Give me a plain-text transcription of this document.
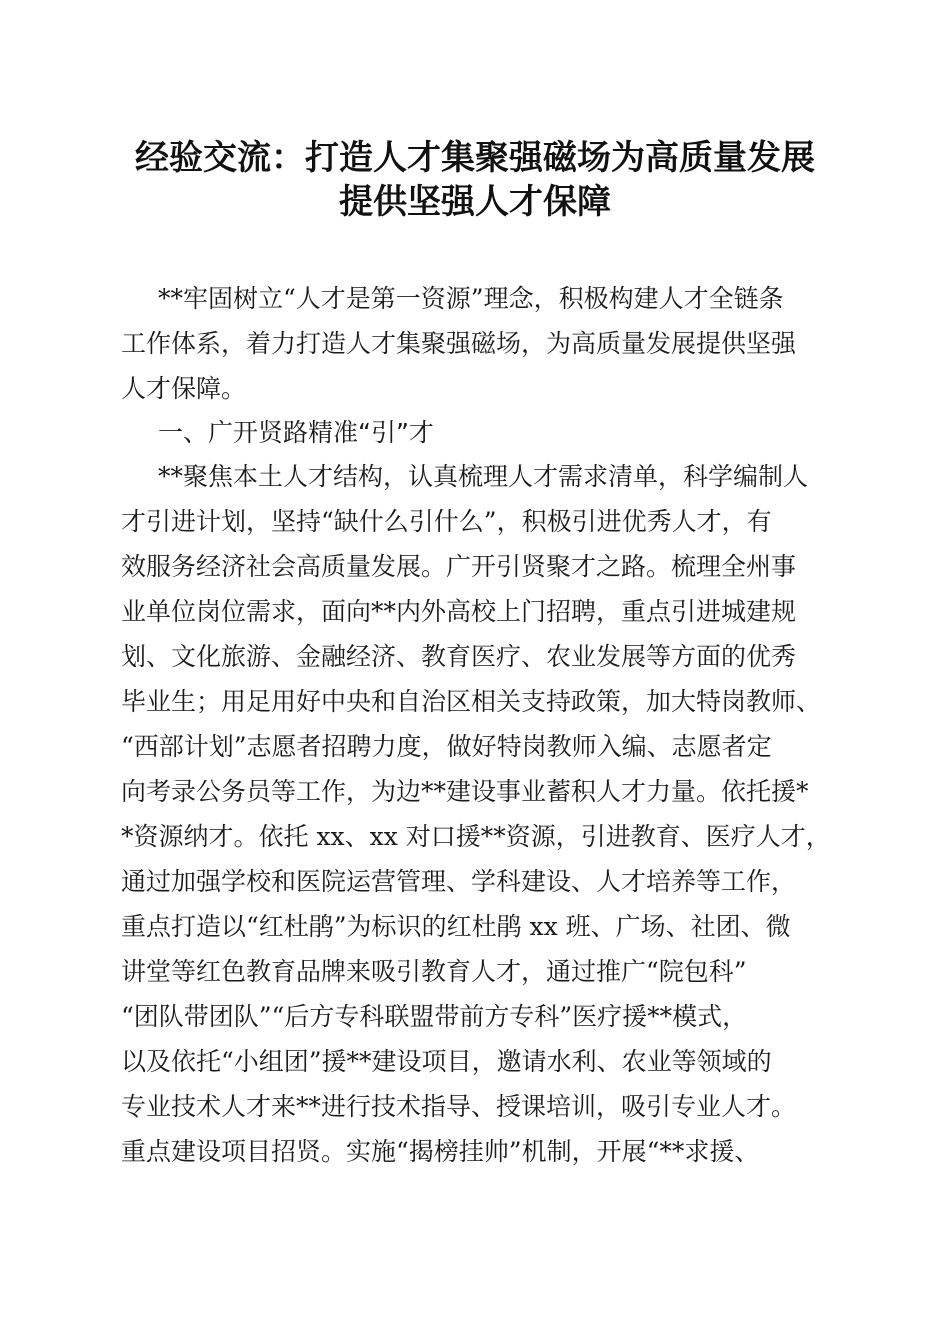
经验交流：打造人才集聚强磁场为高质量发展
提供坚强人才保障
**牢固树立“人才是第一资源”理念，积极构建人才全链条
工作体系，着力打造人才集聚强磁场，为高质量发展提供坚强
人才保障。
一、广开贤路精准“引”才
**聚焦本土人才结构，认真梳理人才需求清单，科学编制人
才引进计划，坚持“缺什么引什么”，积极引进优秀人才，有
效服务经济社会高质量发展。广开引贤聚才之路。梳理全州事
业单位岗位需求，面向**内外高校上门招聘，重点引进城建规
划、文化旅游、金融经济、教育医疗、农业发展等方面的优秀
毕业生；用足用好中央和自治区相关支持政策，加大特岗教师、
“西部计划”志愿者招聘力度，做好特岗教师入编、志愿者定
向考录公务员等工作，为边**建设事业蓄积人才力量。依托援*
*资源纳才。依托 xx、xx 对口援**资源，引进教育、医疗人才，
通过加强学校和医院运营管理、学科建设、人才培养等工作，
重点打造以“红杜鹃”为标识的红杜鹃 xx 班、广场、社团、微
讲堂等红色教育品牌来吸引教育人才，通过推广“院包科”
“团队带团队”“后方专科联盟带前方专科”医疗援**模式，
以及依托“小组团”援**建设项目，邀请水利、农业等领域的
专业技术人才来**进行技术指导、授课培训，吸引专业人才。
重点建设项目招贤。实施“揭榜挂帅”机制，开展“**求援、
